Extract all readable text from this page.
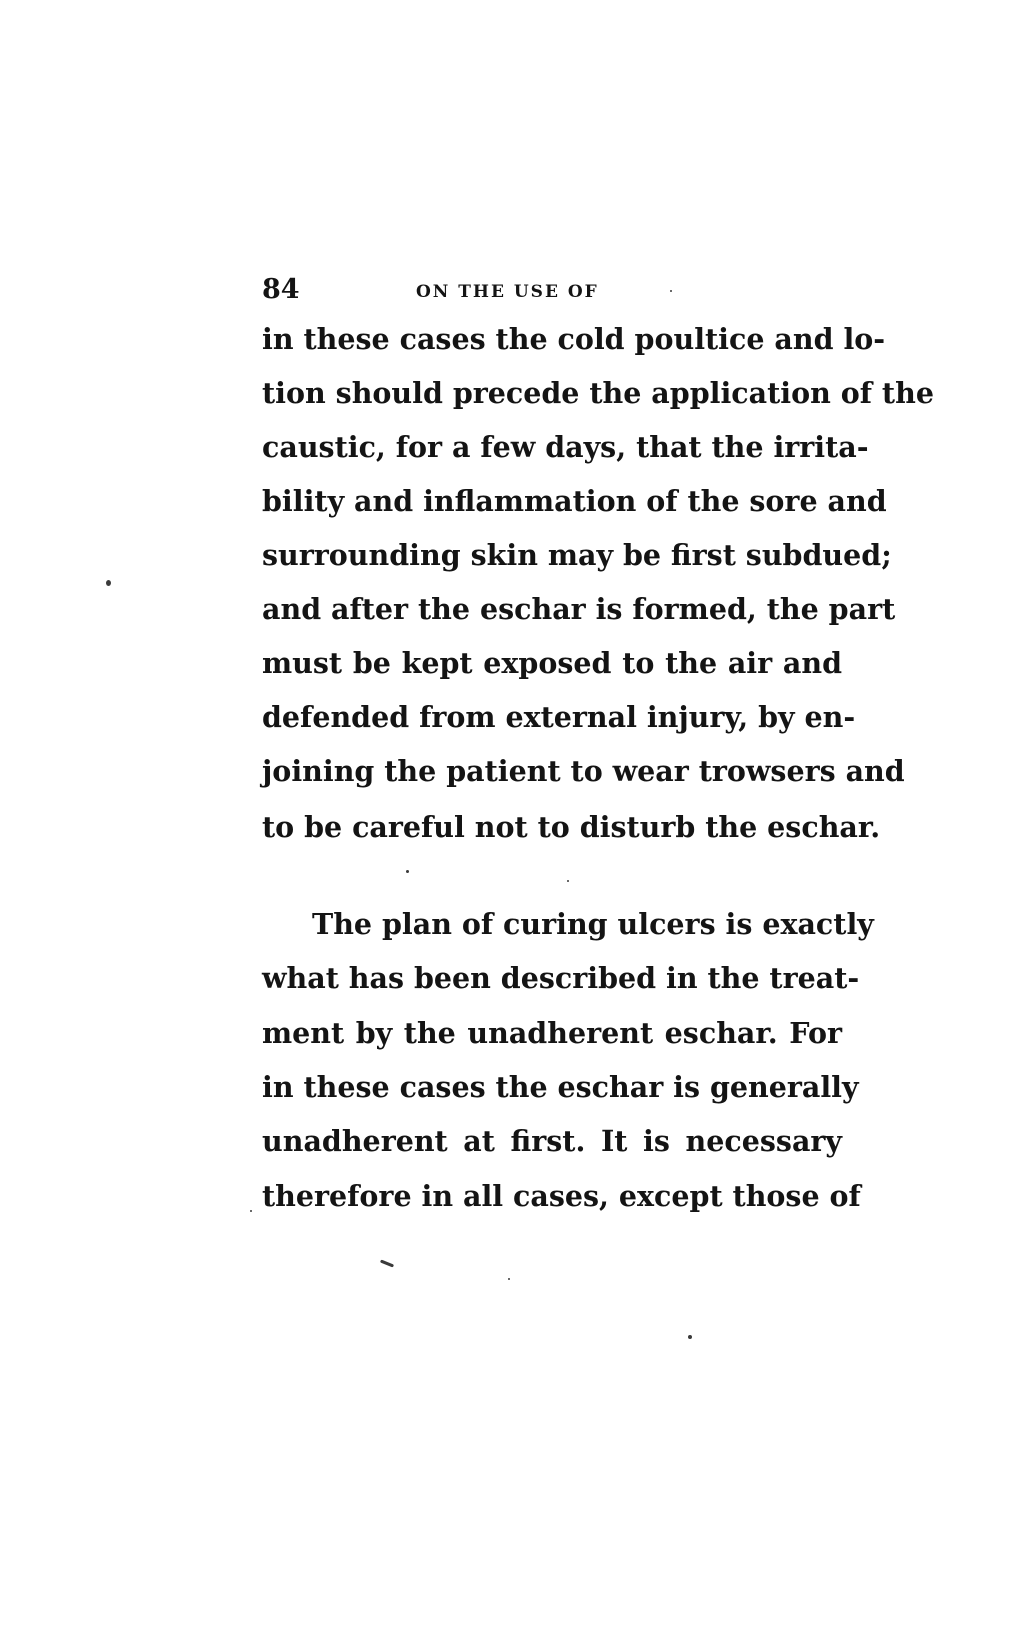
84	ON THE USE OF
in these cases the cold poultice and lo-
tion should precede the application of the
caustic, for a few days, that the irrita-
bility and inflammation of the sore and
surrounding skin may be first subdued;
and after the eschar is formed, the part
must be kept exposed to the air and
defended from external injury, by en-
joining the patient to wear trowsers and
to be careful not to disturb the eschar.
The plan of curing ulcers is exactly
what has been described in the treat-
ment by the unadherent eschar. For
in these cases the eschar is generally
unadherent at first. It is necessary
therefore in all cases, except those of
